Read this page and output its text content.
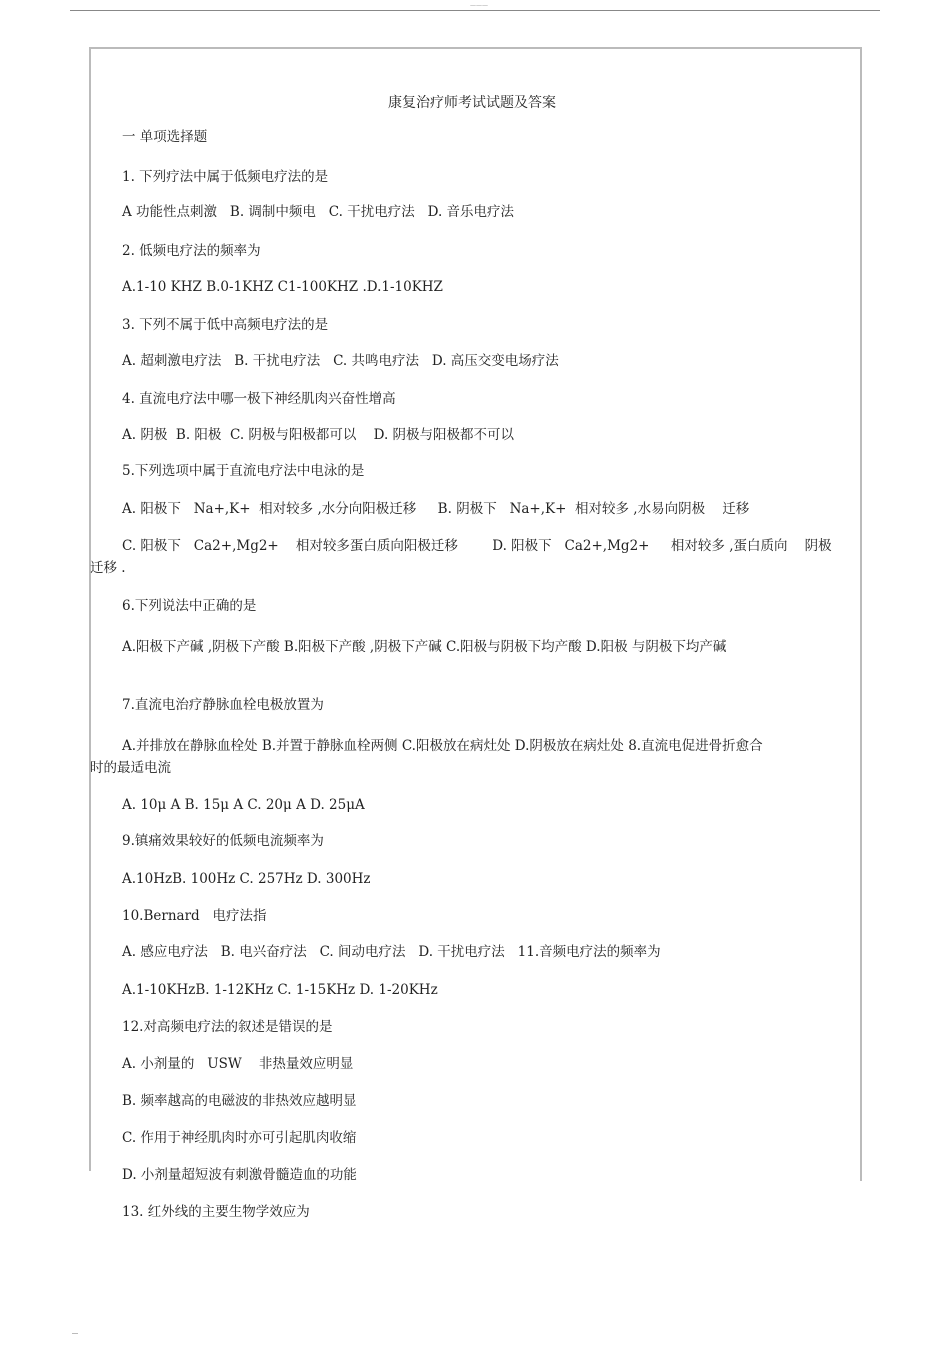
———
康复治疗师考试试题及答案
一 单项选择题
1. 下列疗法中属于低频电疗法的是
A 功能性点刺激   B. 调制中频电   C. 干扰电疗法   D. 音乐电疗法
2. 低频电疗法的频率为
A.1-10 KHZ B.0-1KHZ C1-100KHZ .D.1-10KHZ
3. 下列不属于低中高频电疗法的是
A. 超刺激电疗法   B. 干扰电疗法   C. 共鸣电疗法   D. 高压交变电场疗法
4. 直流电疗法中哪一极下神经肌肉兴奋性增高
A. 阴极  B. 阳极  C. 阴极与阳极都可以    D. 阴极与阳极都不可以
5.下列选项中属于直流电疗法中电泳的是
A. 阳极下   Na+,K+  相对较多 ,水分向阳极迁移     B. 阴极下   Na+,K+  相对较多 ,水易向阴极    迁移
C. 阳极下   Ca2+,Mg2+    相对较多蛋白质向阳极迁移        D. 阳极下   Ca2+,Mg2+     相对较多 ,蛋白质向    阴极
迁移 .
6.下列说法中正确的是
A.阳极下产碱 ,阴极下产酸 B.阳极下产酸 ,阴极下产碱 C.阳极与阴极下均产酸 D.阳极 与阴极下均产碱
7.直流电治疗静脉血栓电极放置为
A.并排放在静脉血栓处 B.并置于静脉血栓两侧 C.阳极放在病灶处 D.阴极放在病灶处 8.直流电促进骨折愈合
时的最适电流
A. 10μ A B. 15μ A C. 20μ A D. 25μA
9.镇痛效果较好的低频电流频率为
A.10HzB. 100Hz C. 257Hz D. 300Hz
10.Bernard   电疗法指
A. 感应电疗法   B. 电兴奋疗法   C. 间动电疗法   D. 干扰电疗法   11.音频电疗法的频率为
A.1-10KHzB. 1-12KHz C. 1-15KHz D. 1-20KHz
12.对高频电疗法的叙述是错误的是
A. 小剂量的   USW    非热量效应明显
B. 频率越高的电磁波的非热效应越明显
C. 作用于神经肌肉时亦可引起肌肉收缩
D. 小剂量超短波有刺激骨髓造血的功能
13. 红外线的主要生物学效应为
